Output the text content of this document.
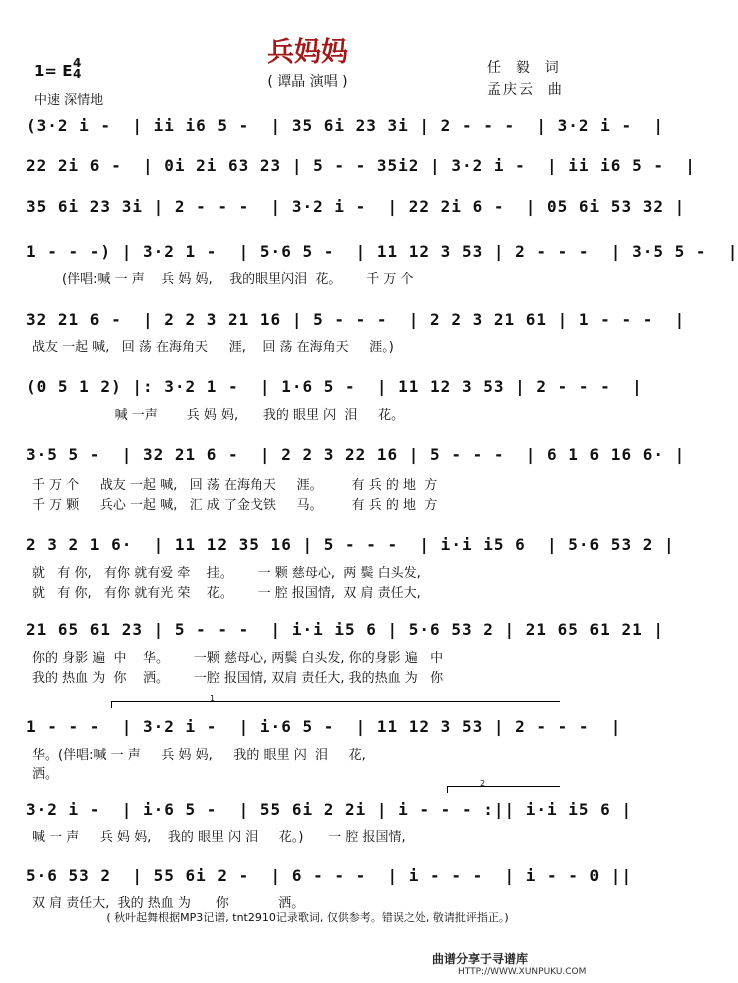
兵妈妈
( 谭晶 演唱 )
1= E 4
4
中速 深情地
任  毅  词
孟庆云  曲
(3·2 i -  | ii i6 5 -  | 35 6i 23 3i | 2 - - -  | 3·2 i -  |
22 2i 6 -  | 0i 2i 63 23 | 5 - - 35i2 | 3·2 i -  | ii i6 5 -  |
35 6i 23 3i | 2 - - -  | 3·2 i -  | 22 2i 6 -  | 05 6i 53 32 |
1 - - -) | 3·2 1 -  | 5·6 5 -  | 11 12 3 53 | 2 - - -  | 3·5 5 -  |
(伴唱:喊 一 声    兵 妈 妈,    我的眼里闪泪  花。      千 万 个
32 21 6 -  | 2 2 3 21 16 | 5 - - -  | 2 2 3 21 61 | 1 - - -  |
战友 一起 喊,   回 荡 在海角天     涯,    回 荡 在海角天     涯。)
(0 5 1 2) |: 3·2 1 -  | 1·6 5 -  | 11 12 3 53 | 2 - - -  |
喊 一声       兵 妈 妈,      我的 眼里 闪  泪     花。
3·5 5 -  | 32 21 6 -  | 2 2 3 22 16 | 5 - - -  | 6 1 6 16 6· |
千 万 个     战友 一起 喊,   回 荡 在海角天     涯。       有 兵 的 地  方
千 万 颗     兵心 一起 喊,   汇 成 了金戈铁     马。       有 兵 的 地  方
2 3 2 1 6·  | 11 12 35 16 | 5 - - -  | i·i i5 6  | 5·6 53 2 |
就   有 你,   有你 就有爱 牵    挂。      一 颗 慈母心,  两 鬓 白头发,
就   有 你,   有你 就有光 荣    花。      一 腔 报国情,  双 肩 责任大,
21 65 61 23 | 5 - - -  | i·i i5 6 | 5·6 53 2 | 21 65 61 21 |
你的 身影 遍  中    华。      一颗 慈母心, 两鬓 白头发, 你的身影 遍   中
我的 热血 为  你    洒。      一腔 报国情, 双肩 责任大, 我的热血 为   你
1
1 - - -  | 3·2 i -  | i·6 5 -  | 11 12 3 53 | 2 - - -  |
华。(伴唱:喊 一 声     兵 妈 妈,     我的 眼里 闪  泪     花,
洒。
2
3·2 i -  | i·6 5 -  | 55 6i 2 2i | i - - - :|| i·i i5 6 |
喊 一 声     兵 妈 妈,    我的 眼里 闪 泪     花。)      一 腔 报国情,
5·6 53 2  | 55 6i 2 -  | 6 - - -  | i - - -  | i - - 0 ||
双 肩 责任大,  我的 热血 为      你            洒。
( 秋叶起舞根据MP3记谱, tnt2910记录歌词, 仅供参考。错误之处, 敬请批评指正。)
曲谱分享于寻谱库
HTTP://WWW.XUNPUKU.COM
